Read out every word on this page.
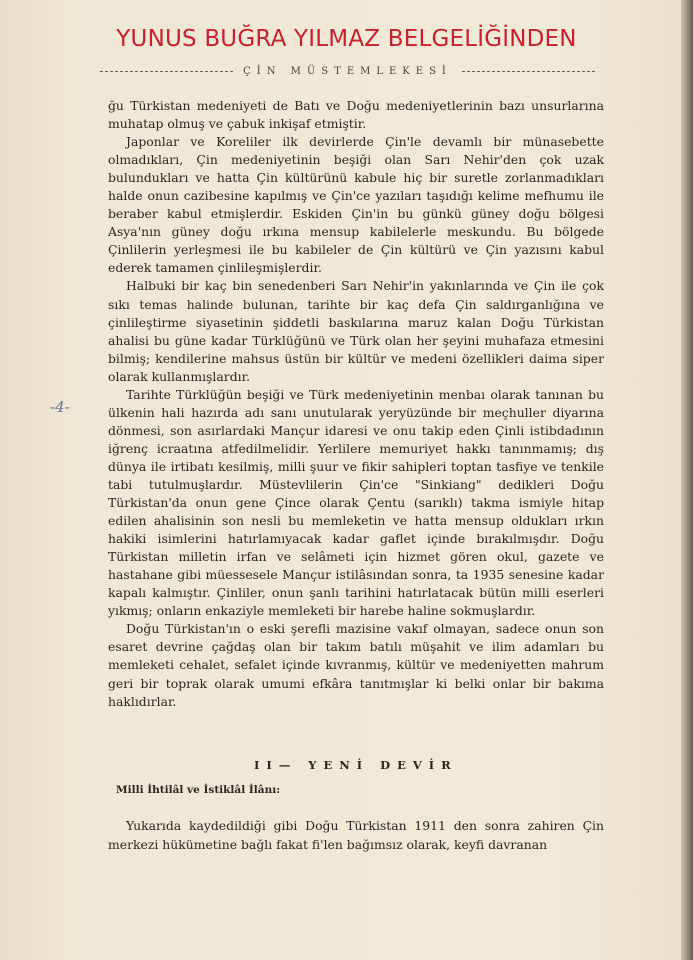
YUNUS BUĞRA YILMAZ BELGELİĞİNDEN
ÇİN MÜSTEMLEKESİ
-4-

ğu Türkistan medeniyeti de Batı ve Doğu medeniyetlerinin bazı unsurlarına muhatap olmuş ve çabuk inkişaf etmiştir.

Japonlar ve Koreliler ilk devirlerde Çin'le devamlı bir münasebette olmadıkları, Çin medeniyetinin beşiği olan Sarı Nehir'den çok uzak bulundukları ve hatta Çin kültürünü kabule hiç bir suretle zorlanmadıkları halde onun cazibesine kapılmış ve Çin'ce yazıları taşıdığı kelime mefhumu ile beraber kabul etmişlerdir. Eskiden Çin'in bu günkü güney doğu bölgesi Asya'nın güney doğu ırkına mensup kabilelerle meskundu. Bu bölgede Çinlilerin yerleşmesi ile bu kabileler de Çin kültürü ve Çin yazısını kabul ederek tamamen çinlileşmişlerdir.

Halbuki bir kaç bin senedenberi Sarı Nehir'in yakınlarında ve Çin ile çok sıkı temas halinde bulunan, tarihte bir kaç defa Çin saldırganlığına ve çinlileştirme siyasetinin şiddetli baskılarına maruz kalan Doğu Türkistan ahalisi bu güne kadar Türklüğünü ve Türk olan her şeyini muhafaza etmesini bilmiş; kendilerine mahsus üstün bir kültür ve medeni özellikleri daima siper olarak kullanmışlardır.

Tarihte Türklüğün beşiği ve Türk medeniyetinin menbaı olarak tanınan bu ülkenin hali hazırda adı sanı unutularak yeryüzünde bir meçhuller diyarına dönmesi, son asırlardaki Mançur idaresi ve onu takip eden Çinli istibdadının iğrenç icraatına atfedilmelidir. Yerlilere memuriyet hakkı tanınmamış; dış dünya ile irtibatı kesilmiş, milli şuur ve fikir sahipleri toptan tasfiye ve tenkile tabi tutulmuşlardır. Müstevlilerin Çin'ce "Sinkiang" dedikleri Doğu Türkistan'da onun gene Çince olarak Çentu (sarıklı) takma ismiyle hitap edilen ahalisinin son nesli bu memleketin ve hatta mensup oldukları ırkın hakiki isimlerini hatırlamıyacak kadar gaflet içinde bırakılmışdır. Doğu Türkistan milletin irfan ve selâmeti için hizmet gören okul, gazete ve hastahane gibi müessesele Mançur istilâsından sonra, ta 1935 senesine kadar kapalı kalmıştır. Çinliler, onun şanlı tarihini hatırlatacak bütün milli eserleri yıkmış; onların enkaziyle memleketi bir harebe haline sokmuşlardır.

Doğu Türkistan'ın o eski şerefli mazisine vakıf olmayan, sadece onun son esaret devrine çağdaş olan bir takım batılı müşahit ve ilim adamları bu memleketi cehalet, sefalet içinde kıvranmış, kültür ve medeniyetten mahrum geri bir toprak olarak umumi efkâra tanıtmışlar ki belki onlar bir bakıma haklıdırlar.

II— YENİ DEVİR
Milli İhtilâl ve İstiklâl İlânı:

Yukarıda kaydedildiği gibi Doğu Türkistan 1911 den sonra zahiren Çin merkezi hükümetine bağlı fakat fi'len bağımsız olarak, keyfi davranan
